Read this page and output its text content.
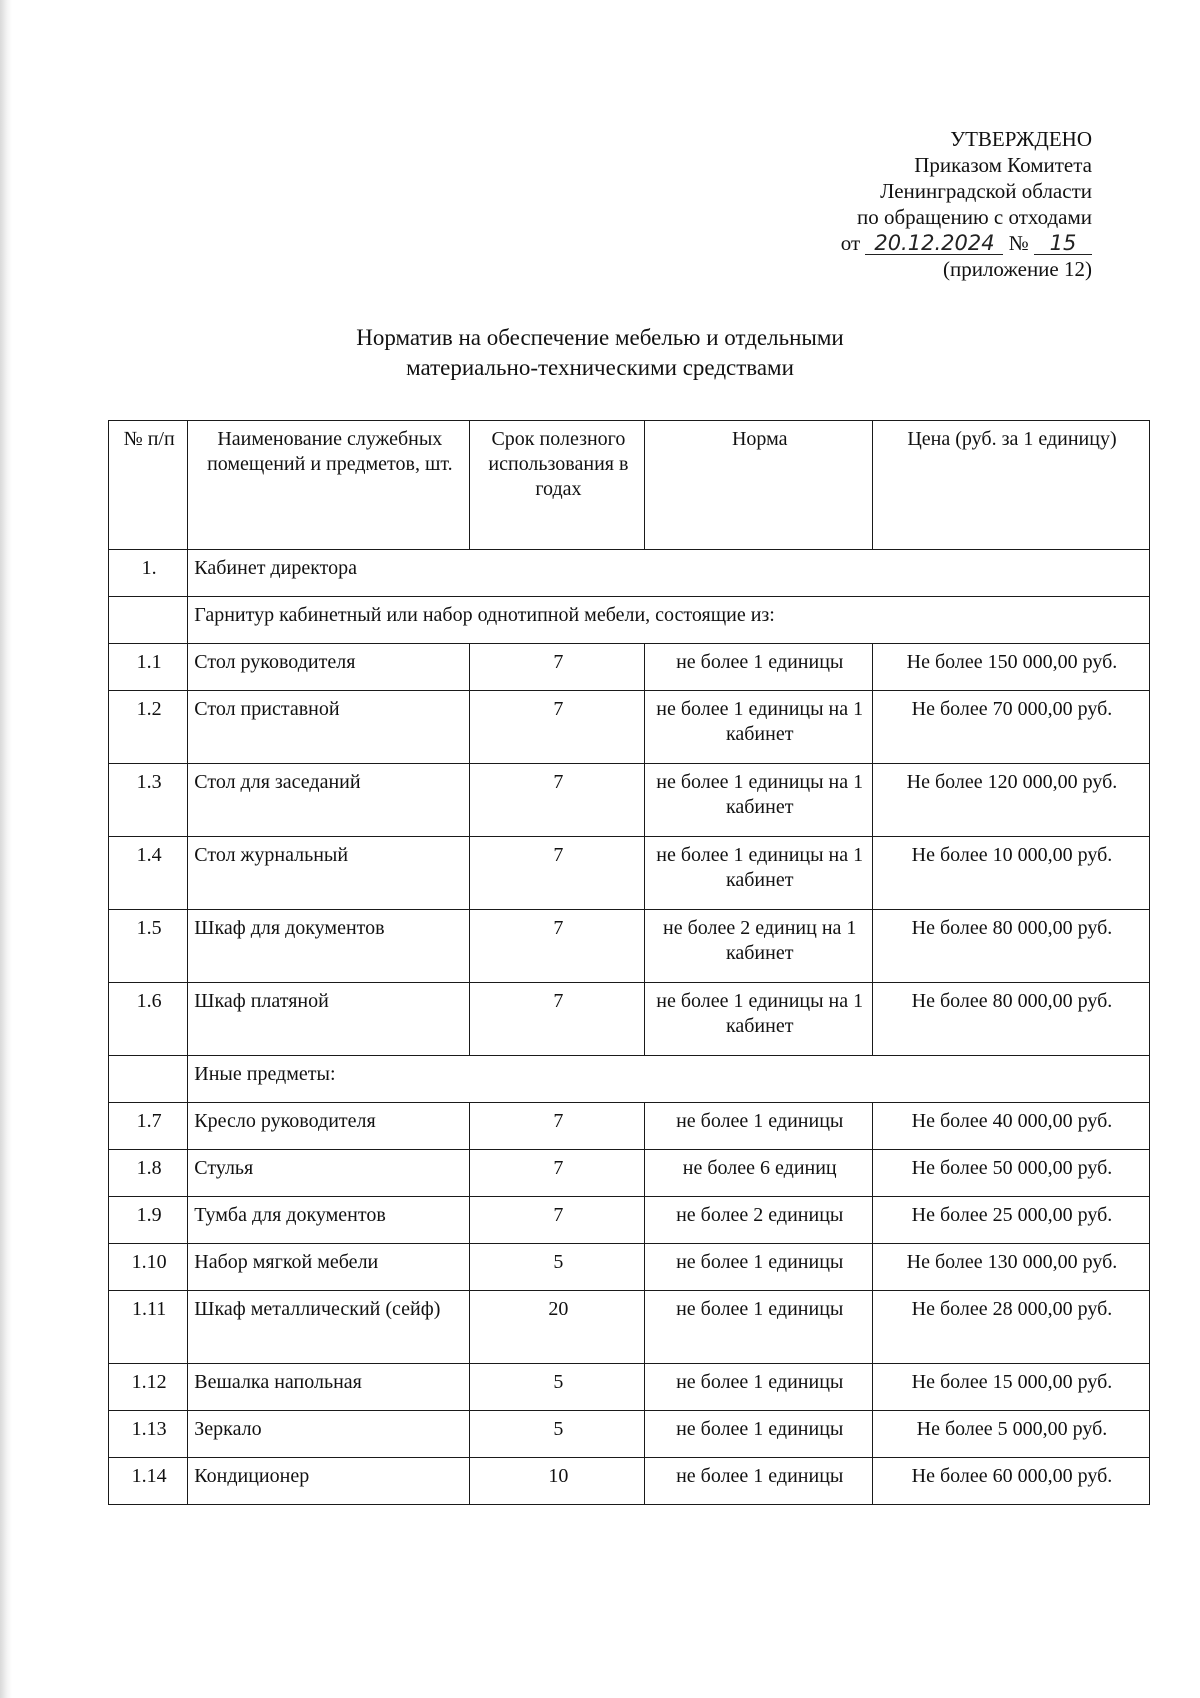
УТВЕРЖДЕНО
Приказом Комитета
Ленинградской области
по обращению с отходами
от 20.12.2024 № 15
(приложение 12)
Норматив на обеспечение мебелью и отдельными
материально-техническими средствами
№ п/п	Наименование служебных помещений и предметов, шт.	Срок полезного использования в годах	Норма	Цена (руб. за 1 единицу)
1.	Кабинет директора			
	Гарнитур кабинетный или набор однотипной мебели, состоящие из:			
1.1	Стол руководителя	7	не более 1 единицы	Не более 150 000,00 руб.
1.2	Стол приставной	7	не более 1 единицы на 1 кабинет	Не более 70 000,00 руб.
1.3	Стол для заседаний	7	не более 1 единицы на 1 кабинет	Не более 120 000,00 руб.
1.4	Стол журнальный	7	не более 1 единицы на 1 кабинет	Не более 10 000,00 руб.
1.5	Шкаф для документов	7	не более 2 единиц на 1 кабинет	Не более 80 000,00 руб.
1.6	Шкаф платяной	7	не более 1 единицы на 1 кабинет	Не более 80 000,00 руб.
	Иные предметы:			
1.7	Кресло руководителя	7	не более 1 единицы	Не более 40 000,00 руб.
1.8	Стулья	7	не более 6 единиц	Не более 50 000,00 руб.
1.9	Тумба для документов	7	не более 2 единицы	Не более 25 000,00 руб.
1.10	Набор мягкой мебели	5	не более 1 единицы	Не более 130 000,00 руб.
1.11	Шкаф металлический (сейф)	20	не более 1 единицы	Не более 28 000,00 руб.
1.12	Вешалка напольная	5	не более 1 единицы	Не более 15 000,00 руб.
1.13	Зеркало	5	не более 1 единицы	Не более 5 000,00 руб.
1.14	Кондиционер	10	не более 1 единицы	Не более 60 000,00 руб.
